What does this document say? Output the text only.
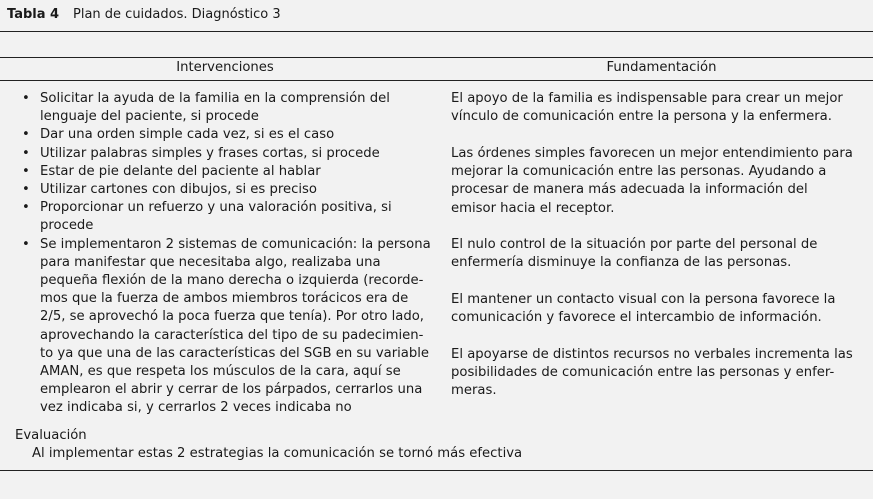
Tabla 4 Plan de cuidados. Diagnóstico 3
Intervenciones	Fundamentación
• Solicitar la ayuda de la familia en la comprensión del
lenguaje del paciente, si procede
• Dar una orden simple cada vez, si es el caso
• Utilizar palabras simples y frases cortas, si procede
• Estar de pie delante del paciente al hablar
• Utilizar cartones con dibujos, si es preciso
• Proporcionar un refuerzo y una valoración positiva, si
procede
• Se implementaron 2 sistemas de comunicación: la persona
para manifestar que necesitaba algo, realizaba una
pequeña flexión de la mano derecha o izquierda (recorde-
mos que la fuerza de ambos miembros torácicos era de
2/5, se aprovechó la poca fuerza que tenía). Por otro lado,
aprovechando la característica del tipo de su padecimien-
to ya que una de las características del SGB en su variable
AMAN, es que respeta los músculos de la cara, aquí se
emplearon el abrir y cerrar de los párpados, cerrarlos una
vez indicaba si, y cerrarlos 2 veces indicaba no

El apoyo de la familia es indispensable para crear un mejor
vínculo de comunicación entre la persona y la enfermera.

Las órdenes simples favorecen un mejor entendimiento para
mejorar la comunicación entre las personas. Ayudando a
procesar de manera más adecuada la información del
emisor hacia el receptor.

El nulo control de la situación por parte del personal de
enfermería disminuye la confianza de las personas.

El mantener un contacto visual con la persona favorece la
comunicación y favorece el intercambio de información.

El apoyarse de distintos recursos no verbales incrementa las
posibilidades de comunicación entre las personas y enfer-
meras.

Evaluación
Al implementar estas 2 estrategias la comunicación se tornó más efectiva
